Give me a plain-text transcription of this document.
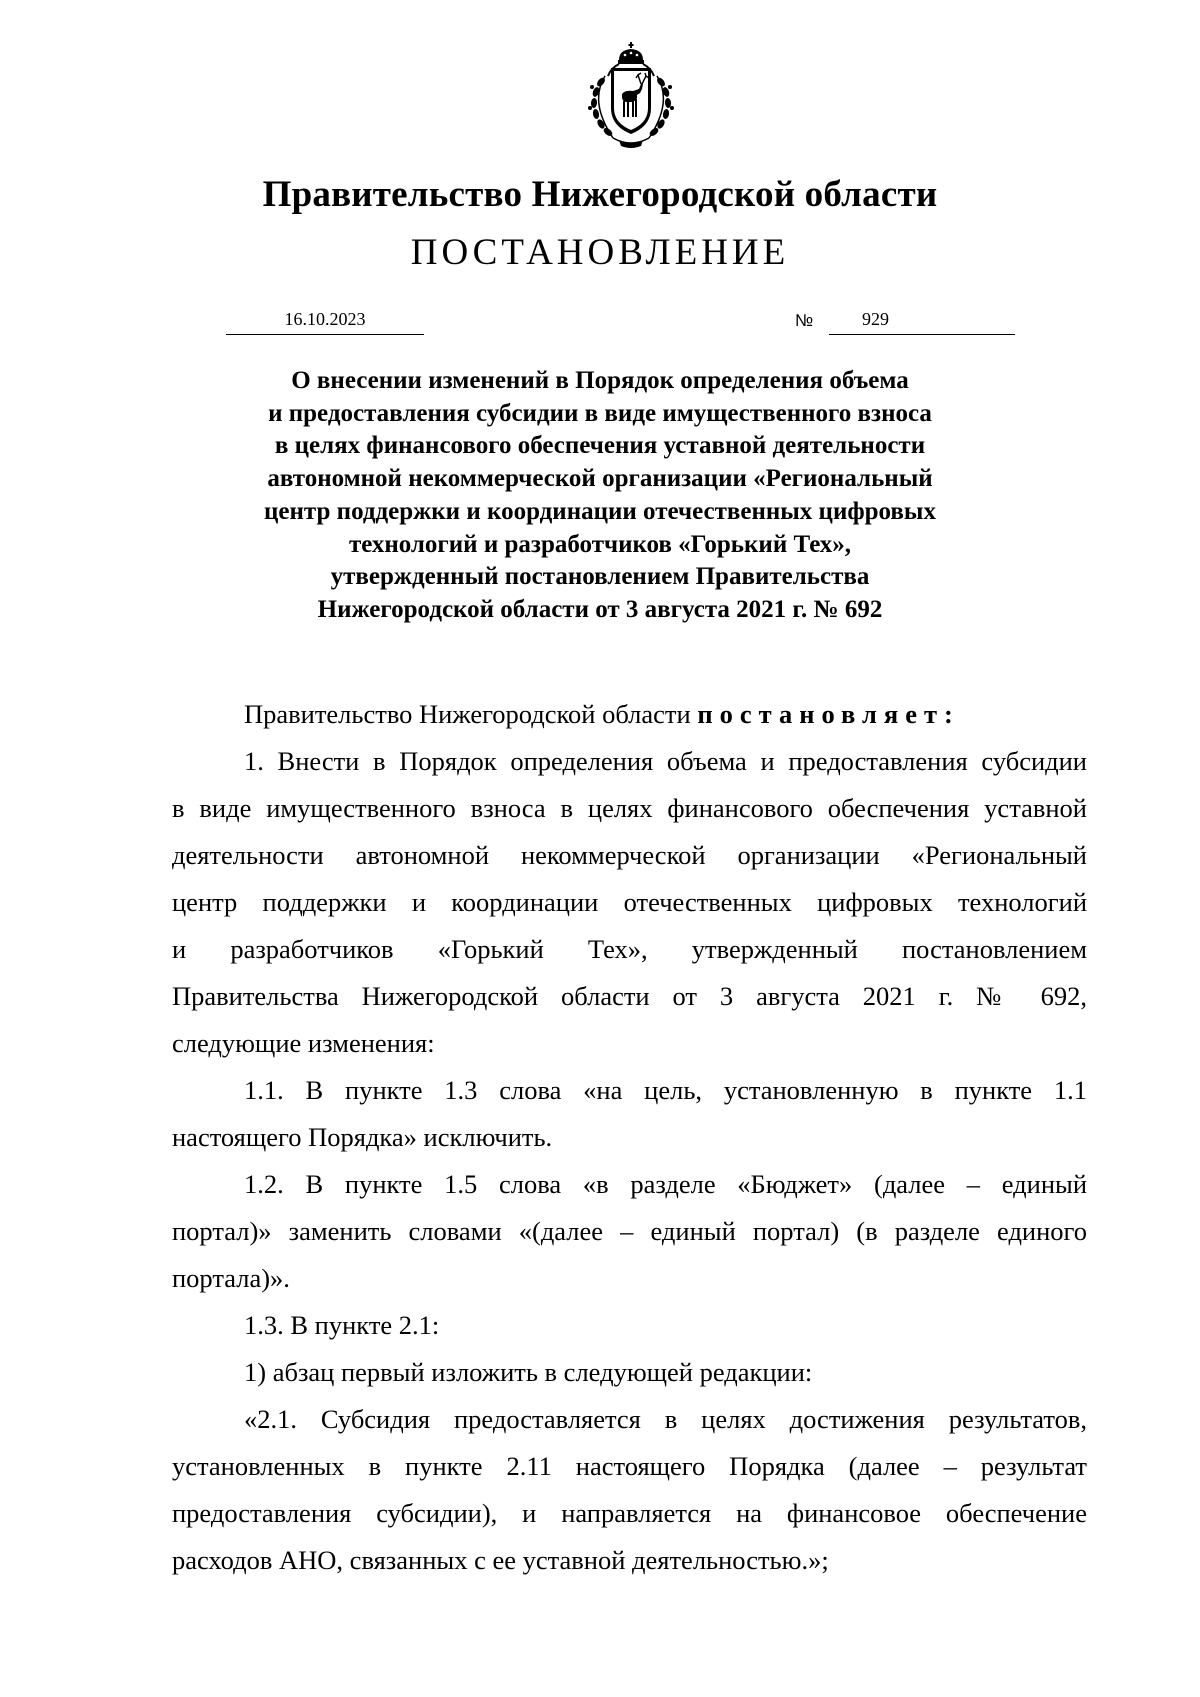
Правительство Нижегородской области
ПОСТАНОВЛЕНИЕ
16.10.2023	№	929
О внесении изменений в Порядок определения объема
и предоставления субсидии в виде имущественного взноса
в целях финансового обеспечения уставной деятельности
автономной некоммерческой организации «Региональный
центр поддержки и координации отечественных цифровых
технологий и разработчиков «Горький Тех»,
утвержденный постановлением Правительства
Нижегородской области от 3 августа 2021 г. № 692

Правительство Нижегородской области постановляет:

1. Внести в Порядок определения объема и предоставления субсидии
в виде имущественного взноса в целях финансового обеспечения уставной
деятельности автономной некоммерческой организации «Региональный
центр поддержки и координации отечественных цифровых технологий
и разработчиков «Горький Тех», утвержденный постановлением
Правительства Нижегородской области от 3 августа 2021 г. № 692,
следующие изменения:

1.1. В пункте 1.3 слова «на цель, установленную в пункте 1.1
настоящего Порядка» исключить.

1.2. В пункте 1.5 слова «в разделе «Бюджет» (далее – единый
портал)» заменить словами «(далее – единый портал) (в разделе единого
портала)».

1.3. В пункте 2.1:

1) абзац первый изложить в следующей редакции:

«2.1. Субсидия предоставляется в целях достижения результатов,
установленных в пункте 2.11 настоящего Порядка (далее – результат
предоставления субсидии), и направляется на финансовое обеспечение
расходов АНО, связанных с ее уставной деятельностью.»;
